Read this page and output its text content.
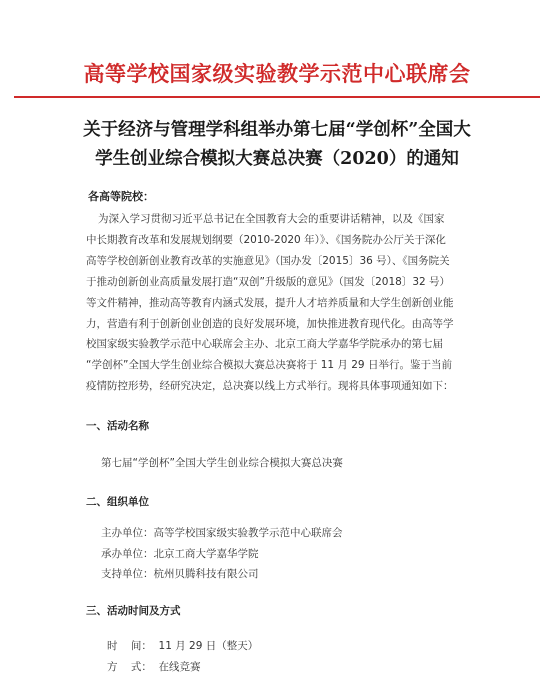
高等学校国家级实验教学示范中心联席会
关于经济与管理学科组举办第七届“学创杯”全国大
学生创业综合模拟大赛总决赛（2020）的通知
各高等院校：
为深入学习贯彻习近平总书记在全国教育大会的重要讲话精神，以及《国家
中长期教育改革和发展规划纲要（2010-2020 年）》、《国务院办公厅关于深化
高等学校创新创业教育改革的实施意见》（国办发〔2015〕36 号）、《国务院关
于推动创新创业高质量发展打造“双创”升级版的意见》（国发〔2018〕32 号）
等文件精神，推动高等教育内涵式发展，提升人才培养质量和大学生创新创业能
力，营造有利于创新创业创造的良好发展环境，加快推进教育现代化。由高等学
校国家级实验教学示范中心联席会主办、北京工商大学嘉华学院承办的第七届
“学创杯”全国大学生创业综合模拟大赛总决赛将于 11 月 29 日举行。鉴于当前
疫情防控形势，经研究决定，总决赛以线上方式举行。现将具体事项通知如下：
一、活动名称
第七届“学创杯”全国大学生创业综合模拟大赛总决赛
二、组织单位
主办单位：高等学校国家级实验教学示范中心联席会
承办单位：北京工商大学嘉华学院
支持单位：杭州贝腾科技有限公司
三、活动时间及方式
时    间：  11 月 29 日（整天）
方    式：  在线竞赛
